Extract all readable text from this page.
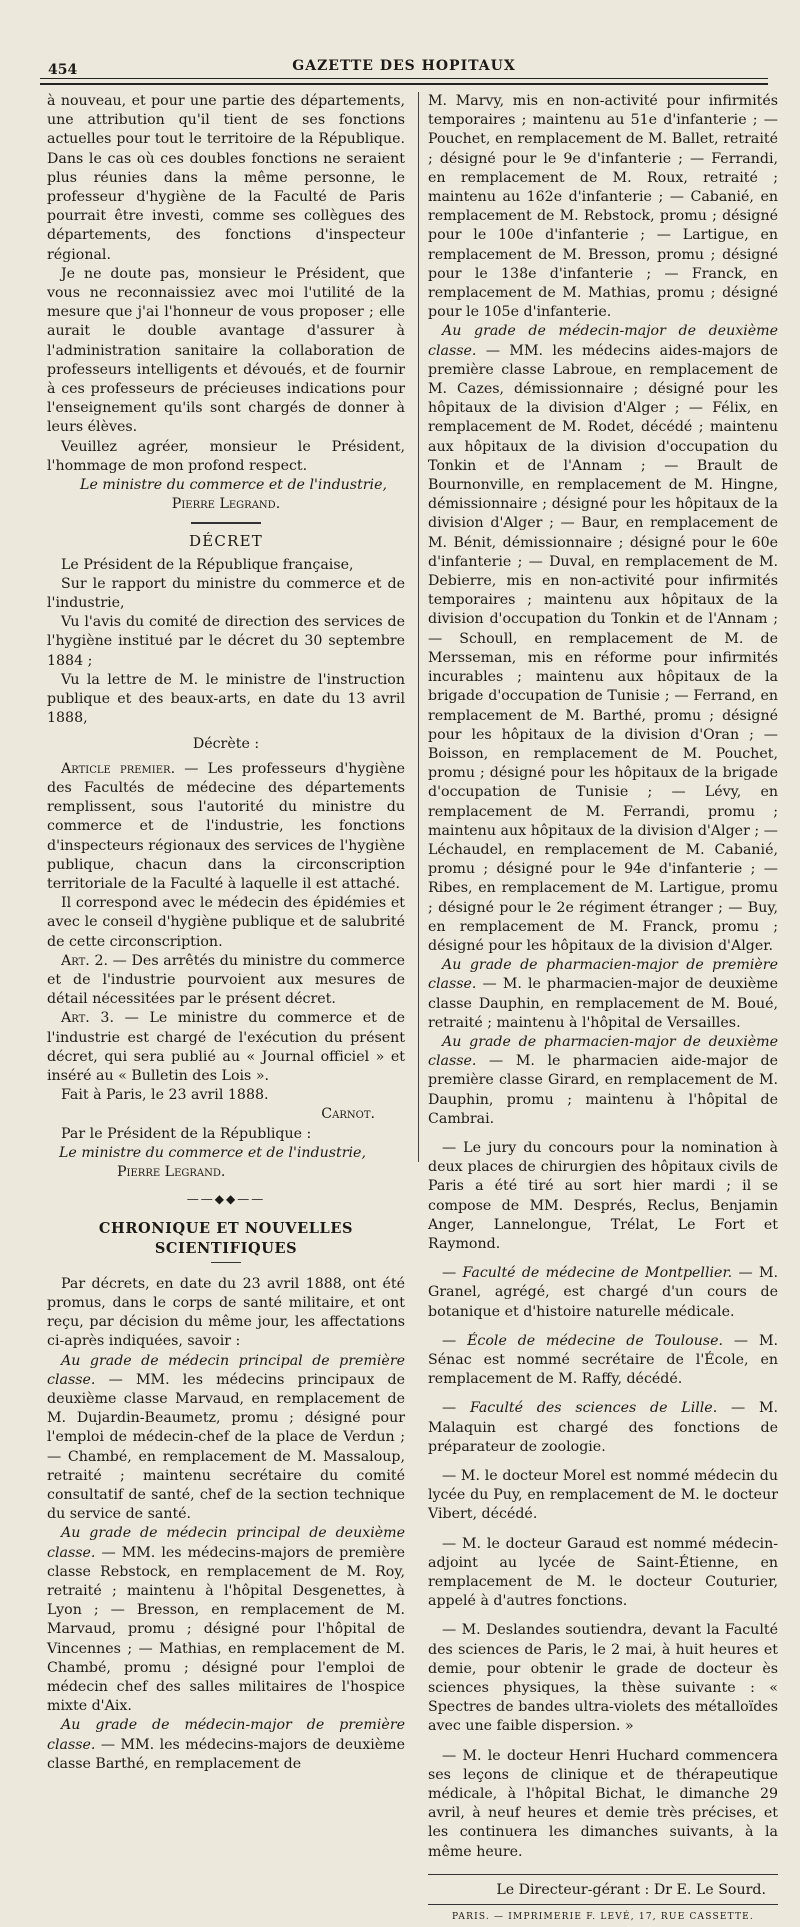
454	GAZETTE DES HOPITAUX

à nouveau, et pour une partie des départements, une attribution qu'il tient de ses fonctions actuelles pour tout le territoire de la République. Dans le cas où ces doubles fonctions ne seraient plus réunies dans la même personne, le professeur d'hygiène de la Faculté de Paris pourrait être investi, comme ses collègues des départements, des fonctions d'inspecteur régional.

Je ne doute pas, monsieur le Président, que vous ne reconnaissiez avec moi l'utilité de la mesure que j'ai l'honneur de vous proposer ; elle aurait le double avantage d'assurer à l'administration sanitaire la collaboration de professeurs intelligents et dévoués, et de fournir à ces professeurs de précieuses indications pour l'enseignement qu'ils sont chargés de donner à leurs élèves.

Veuillez agréer, monsieur le Président, l'hommage de mon profond respect.

Le ministre du commerce et de l'industrie,
Pierre Legrand.
DÉCRET

Le Président de la République française,

Sur le rapport du ministre du commerce et de l'industrie,

Vu l'avis du comité de direction des services de l'hygiène institué par le décret du 30 septembre 1884 ;

Vu la lettre de M. le ministre de l'instruction publique et des beaux-arts, en date du 13 avril 1888,

Décrète :

Article premier. — Les professeurs d'hygiène des Facultés de médecine des départements remplissent, sous l'autorité du ministre du commerce et de l'industrie, les fonctions d'inspecteurs régionaux des services de l'hygiène publique, chacun dans la circonscription territoriale de la Faculté à laquelle il est attaché.

Il correspond avec le médecin des épidémies et avec le conseil d'hygiène publique et de salubrité de cette circonscription.

Art. 2. — Des arrêtés du ministre du commerce et de l'industrie pourvoient aux mesures de détail nécessitées par le présent décret.

Art. 3. — Le ministre du commerce et de l'industrie est chargé de l'exécution du présent décret, qui sera publié au « Journal officiel » et inséré au « Bulletin des Lois ».

Fait à Paris, le 23 avril 1888.

Carnot.

Par le Président de la République :

Le ministre du commerce et de l'industrie,
Pierre Legrand.
——◆◆——
CHRONIQUE ET NOUVELLES SCIENTIFIQUES

Par décrets, en date du 23 avril 1888, ont été promus, dans le corps de santé militaire, et ont reçu, par décision du même jour, les affectations ci-après indiquées, savoir :

Au grade de médecin principal de première classe. — MM. les médecins principaux de deuxième classe Marvaud, en remplacement de M. Dujardin-Beaumetz, promu ; désigné pour l'emploi de médecin-chef de la place de Verdun ; — Chambé, en remplacement de M. Massaloup, retraité ; maintenu secrétaire du comité consultatif de santé, chef de la section technique du service de santé.

Au grade de médecin principal de deuxième classe. — MM. les médecins-majors de première classe Rebstock, en remplacement de M. Roy, retraité ; maintenu à l'hôpital Desgenettes, à Lyon ; — Bresson, en remplacement de M. Marvaud, promu ; désigné pour l'hôpital de Vincennes ; — Mathias, en remplacement de M. Chambé, promu ; désigné pour l'emploi de médecin chef des salles militaires de l'hospice mixte d'Aix.

Au grade de médecin-major de première classe. — MM. les médecins-majors de deuxième classe Barthé, en remplacement de

M. Marvy, mis en non-activité pour infirmités temporaires ; maintenu au 51e d'infanterie ; — Pouchet, en remplacement de M. Ballet, retraité ; désigné pour le 9e d'infanterie ; — Ferrandi, en remplacement de M. Roux, retraité ; maintenu au 162e d'infanterie ; — Cabanié, en remplacement de M. Rebstock, promu ; désigné pour le 100e d'infanterie ; — Lartigue, en remplacement de M. Bresson, promu ; désigné pour le 138e d'infanterie ; — Franck, en remplacement de M. Mathias, promu ; désigné pour le 105e d'infanterie.

Au grade de médecin-major de deuxième classe. — MM. les médecins aides-majors de première classe Labroue, en remplacement de M. Cazes, démissionnaire ; désigné pour les hôpitaux de la division d'Alger ; — Félix, en remplacement de M. Rodet, décédé ; maintenu aux hôpitaux de la division d'occupation du Tonkin et de l'Annam ; — Brault de Bournonville, en remplacement de M. Hingne, démissionnaire ; désigné pour les hôpitaux de la division d'Alger ; — Baur, en remplacement de M. Bénit, démissionnaire ; désigné pour le 60e d'infanterie ; — Duval, en remplacement de M. Debierre, mis en non-activité pour infirmités temporaires ; maintenu aux hôpitaux de la division d'occupation du Tonkin et de l'Annam ; — Schoull, en remplacement de M. de Mersseman, mis en réforme pour infirmités incurables ; maintenu aux hôpitaux de la brigade d'occupation de Tunisie ; — Ferrand, en remplacement de M. Barthé, promu ; désigné pour les hôpitaux de la division d'Oran ; — Boisson, en remplacement de M. Pouchet, promu ; désigné pour les hôpitaux de la brigade d'occupation de Tunisie ; — Lévy, en remplacement de M. Ferrandi, promu ; maintenu aux hôpitaux de la division d'Alger ; — Léchaudel, en remplacement de M. Cabanié, promu ; désigné pour le 94e d'infanterie ; — Ribes, en remplacement de M. Lartigue, promu ; désigné pour le 2e régiment étranger ; — Buy, en remplacement de M. Franck, promu ; désigné pour les hôpitaux de la division d'Alger.

Au grade de pharmacien-major de première classe. — M. le pharmacien-major de deuxième classe Dauphin, en remplacement de M. Boué, retraité ; maintenu à l'hôpital de Versailles.

Au grade de pharmacien-major de deuxième classe. — M. le pharmacien aide-major de première classe Girard, en remplacement de M. Dauphin, promu ; maintenu à l'hôpital de Cambrai.

— Le jury du concours pour la nomination à deux places de chirurgien des hôpitaux civils de Paris a été tiré au sort hier mardi ; il se compose de MM. Després, Reclus, Benjamin Anger, Lannelongue, Trélat, Le Fort et Raymond.

— Faculté de médecine de Montpellier. — M. Granel, agrégé, est chargé d'un cours de botanique et d'histoire naturelle médicale.

— École de médecine de Toulouse. — M. Sénac est nommé secrétaire de l'École, en remplacement de M. Raffy, décédé.

— Faculté des sciences de Lille. — M. Malaquin est chargé des fonctions de préparateur de zoologie.

— M. le docteur Morel est nommé médecin du lycée du Puy, en remplacement de M. le docteur Vibert, décédé.

— M. le docteur Garaud est nommé médecin-adjoint au lycée de Saint-Étienne, en remplacement de M. le docteur Couturier, appelé à d'autres fonctions.

— M. Deslandes soutiendra, devant la Faculté des sciences de Paris, le 2 mai, à huit heures et demie, pour obtenir le grade de docteur ès sciences physiques, la thèse suivante : « Spectres de bandes ultra-violets des métalloïdes avec une faible dispersion. »

— M. le docteur Henri Huchard commencera ses leçons de clinique et de thérapeutique médicale, à l'hôpital Bichat, le dimanche 29 avril, à neuf heures et demie très précises, et les continuera les dimanches suivants, à la même heure.

Le Directeur-gérant : Dr E. Le Sourd.
PARIS. — IMPRIMERIE F. LEVÉ, 17, RUE CASSETTE.
